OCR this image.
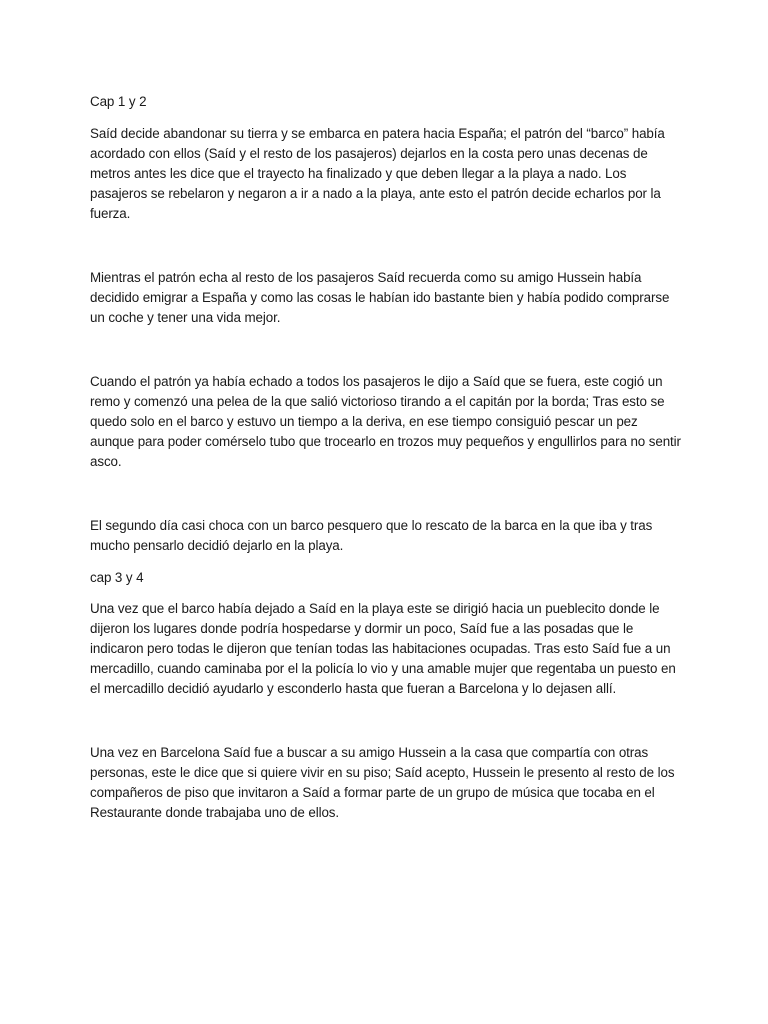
Cap 1 y 2

Saíd decide abandonar su tierra y se embarca en patera hacia España; el patrón del “barco” había acordado con ellos (Saíd y el resto de los pasajeros) dejarlos en la costa pero unas decenas de metros antes les dice que el trayecto ha finalizado y que deben llegar a la playa a nado. Los pasajeros se rebelaron y negaron a ir a nado a la playa, ante esto el patrón decide echarlos por la fuerza.

Mientras el patrón echa al resto de los pasajeros Saíd recuerda como su amigo Hussein había decidido emigrar a España y como las cosas le habían ido bastante bien y había podido comprarse un coche y tener una vida mejor.

Cuando el patrón ya había echado a todos los pasajeros le dijo a Saíd que se fuera, este cogió un remo y comenzó una pelea de la que salió victorioso tirando a el capitán por la borda; Tras esto se quedo solo en el barco y estuvo un tiempo a la deriva, en ese tiempo consiguió pescar un pez aunque para poder comérselo tubo que trocearlo en trozos muy pequeños y engullirlos para no sentir asco.

El segundo día casi choca con un barco pesquero que lo rescato de la barca en la que iba y tras mucho pensarlo decidió dejarlo en la playa.

cap 3 y 4

Una vez que el barco había dejado a Saíd en la playa este se dirigió hacia un pueblecito donde le dijeron los lugares donde podría hospedarse y dormir un poco, Saíd fue a las posadas que le indicaron pero todas le dijeron que tenían todas las habitaciones ocupadas. Tras esto Saíd fue a un mercadillo, cuando caminaba por el la policía lo vio y una amable mujer que regentaba un puesto en el mercadillo decidió ayudarlo y esconderlo hasta que fueran a Barcelona y lo dejasen allí.

Una vez en Barcelona Saíd fue a buscar a su amigo Hussein a la casa que compartía con otras personas, este le dice que si quiere vivir en su piso; Saíd acepto, Hussein le presento al resto de los compañeros de piso que invitaron a Saíd a formar parte de un grupo de música que tocaba en el Restaurante donde trabajaba uno de ellos.
